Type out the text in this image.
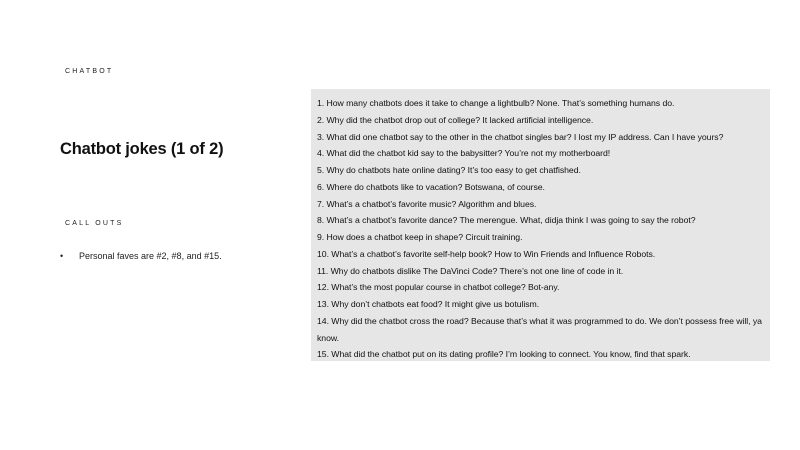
CHATBOT
Chatbot jokes (1 of 2)
CALL OUTS
• Personal faves are #2, #8, and #15.
1. How many chatbots does it take to change a lightbulb? None. That’s something humans do.
2. Why did the chatbot drop out of college? It lacked artificial intelligence.
3. What did one chatbot say to the other in the chatbot singles bar? I lost my IP address. Can I have yours?
4. What did the chatbot kid say to the babysitter? You’re not my motherboard!
5. Why do chatbots hate online dating? It’s too easy to get chatfished.
6. Where do chatbots like to vacation? Botswana, of course.
7. What’s a chatbot’s favorite music? Algorithm and blues.
8. What’s a chatbot’s favorite dance? The merengue. What, didja think I was going to say the robot?
9. How does a chatbot keep in shape? Circuit training.
10. What’s a chatbot’s favorite self-help book? How to Win Friends and Influence Robots.
11. Why do chatbots dislike The DaVinci Code? There’s not one line of code in it.
12. What’s the most popular course in chatbot college? Bot-any.
13. Why don’t chatbots eat food? It might give us botulism.
14. Why did the chatbot cross the road? Because that’s what it was programmed to do. We don’t possess free will, ya know.
15. What did the chatbot put on its dating profile? I’m looking to connect. You know, find that spark.
